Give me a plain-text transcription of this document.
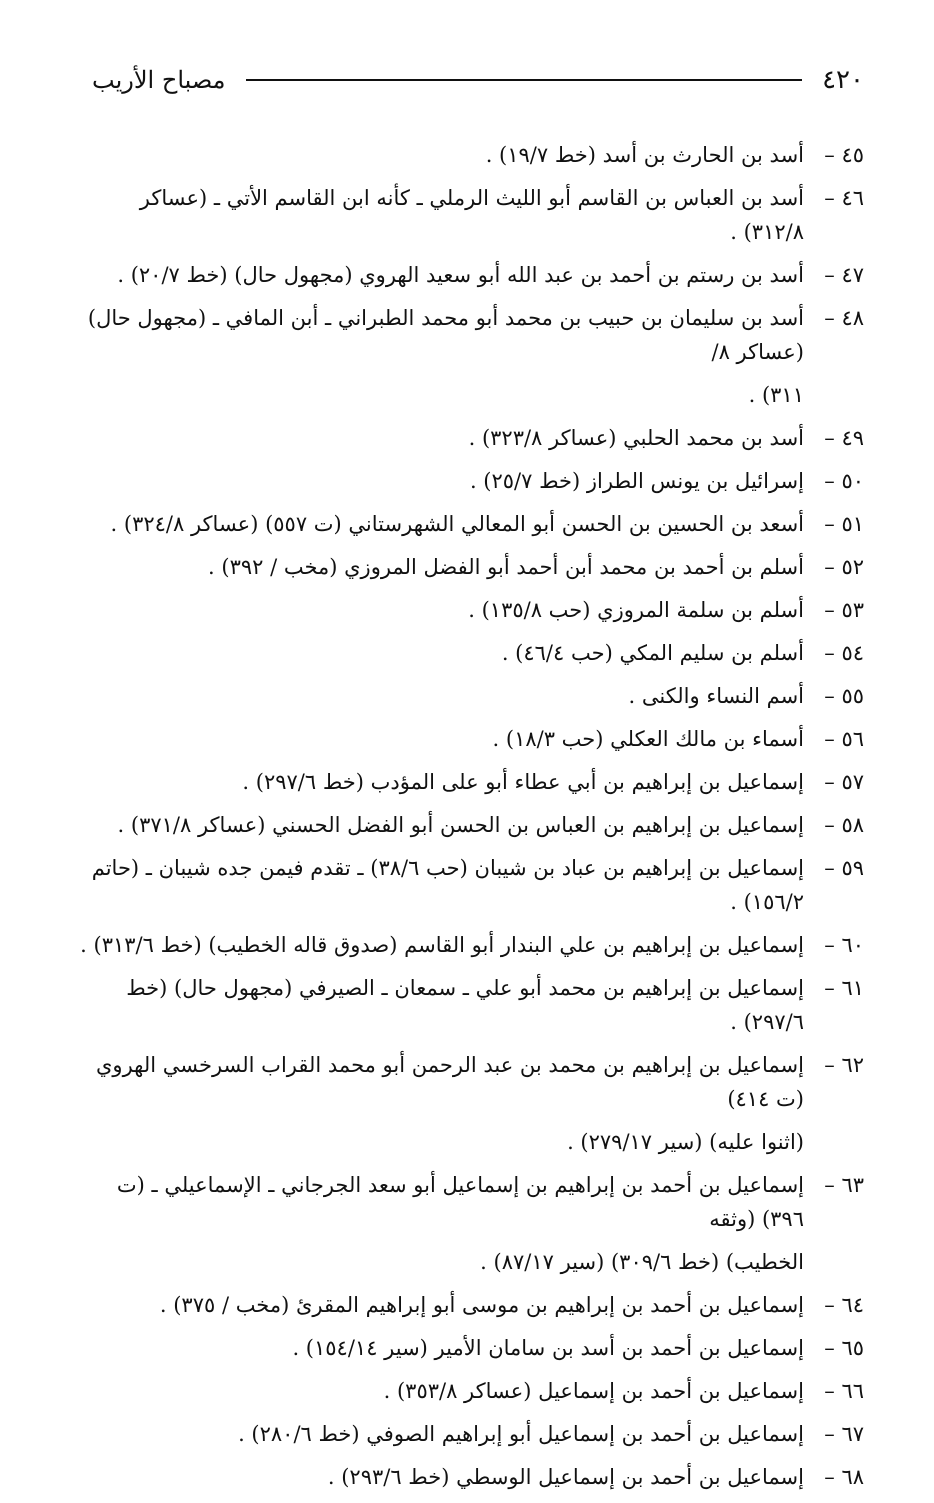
٤٢٠
مصباح الأريب
٤٥ –
أسد بن الحارث بن أسد (خط ١٩/٧) .
٤٦ –
أسد بن العباس بن القاسم أبو الليث الرملي ـ كأنه ابن القاسم الأتي ـ (عساكر ٣١٢/٨) .
٤٧ –
أسد بن رستم بن أحمد بن عبد الله أبو سعيد الهروي (مجهول حال) (خط ٢٠/٧) .
٤٨ –
أسد بن سليمان بن حبيب بن محمد أبو محمد الطبراني ـ أبن المافي ـ (مجهول حال) (عساكر ٨/
٣١١) .
٤٩ –
أسد بن محمد الحلبي (عساكر ٣٢٣/٨) .
٥٠ –
إسرائيل بن يونس الطراز (خط ٢٥/٧) .
٥١ –
أسعد بن الحسين بن الحسن أبو المعالي الشهرستاني (ت ٥٥٧) (عساكر ٣٢٤/٨) .
٥٢ –
أسلم بن أحمد بن محمد أبن أحمد أبو الفضل المروزي (مخب / ٣٩٢) .
٥٣ –
أسلم بن سلمة المروزي (حب ١٣٥/٨) .
٥٤ –
أسلم بن سليم المكي (حب ٤٦/٤) .
٥٥ –
أسم النساء والكنى .
٥٦ –
أسماء بن مالك العكلي (حب ١٨/٣) .
٥٧ –
إسماعيل بن إبراهيم بن أبي عطاء أبو على المؤدب (خط ٢٩٧/٦) .
٥٨ –
إسماعيل بن إبراهيم بن العباس بن الحسن أبو الفضل الحسني (عساكر ٣٧١/٨) .
٥٩ –
إسماعيل بن إبراهيم بن عباد بن شيبان (حب ٣٨/٦) ـ تقدم فيمن جده شيبان ـ (حاتم ١٥٦/٢) .
٦٠ –
إسماعيل بن إبراهيم بن علي البندار أبو القاسم (صدوق قاله الخطيب) (خط ٣١٣/٦) .
٦١ –
إسماعيل بن إبراهيم بن محمد أبو علي ـ سمعان ـ الصيرفي (مجهول حال) (خط ٢٩٧/٦) .
٦٢ –
إسماعيل بن إبراهيم بن محمد بن عبد الرحمن أبو محمد القراب السرخسي الهروي (ت ٤١٤)
(اثنوا عليه) (سير ٢٧٩/١٧) .
٦٣ –
إسماعيل بن أحمد بن إبراهيم بن إسماعيل أبو سعد الجرجاني ـ الإسماعيلي ـ (ت ٣٩٦) (وثقه
الخطيب) (خط ٣٠٩/٦) (سير ٨٧/١٧) .
٦٤ –
إسماعيل بن أحمد بن إبراهيم بن موسى أبو إبراهيم المقرئ (مخب / ٣٧٥) .
٦٥ –
إسماعيل بن أحمد بن أسد بن سامان الأمير (سير ١٥٤/١٤) .
٦٦ –
إسماعيل بن أحمد بن إسماعيل (عساكر ٣٥٣/٨) .
٦٧ –
إسماعيل بن أحمد بن إسماعيل أبو إبراهيم الصوفي (خط ٢٨٠/٦) .
٦٨ –
إسماعيل بن أحمد بن إسماعيل الوسطي (خط ٢٩٣/٦) .
